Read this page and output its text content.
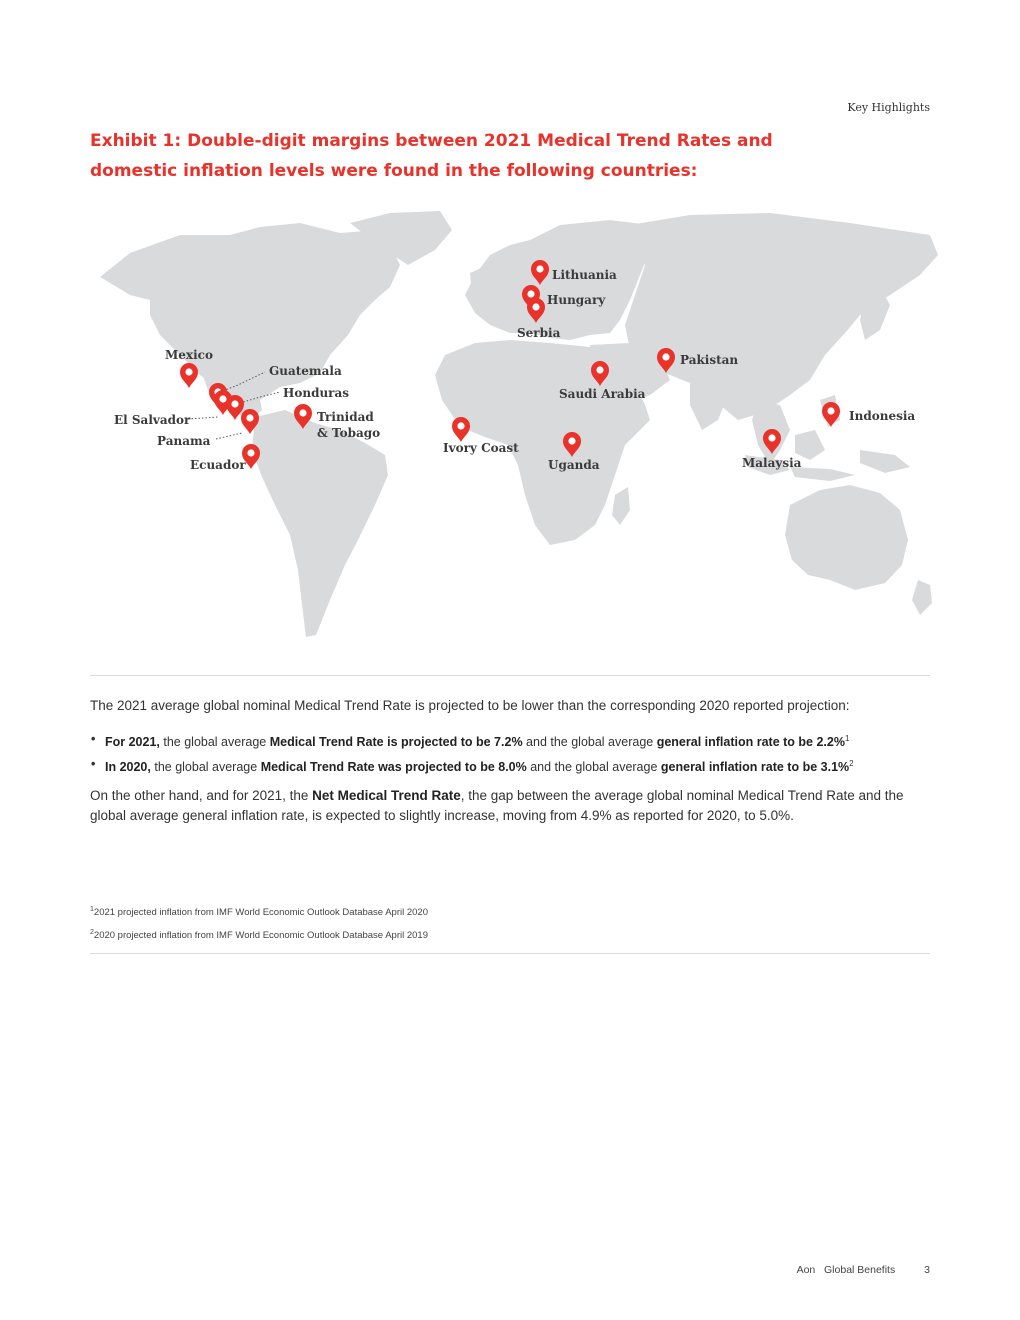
Key Highlights
Exhibit 1: Double-digit margins between 2021 Medical Trend Rates and
domestic inflation levels were found in the following countries:
Mexico
Guatemala
Honduras
El Salvador
Panama
Ecuador
Trinidad
& Tobago
Lithuania
Hungary
Serbia
Saudi Arabia
Pakistan
Ivory Coast
Uganda	Malaysia
Indonesia

The 2021 average global nominal Medical Trend Rate is projected to be lower than the corresponding 2020 reported projection:

• For 2021, the global average Medical Trend Rate is projected to be 7.2% and the global average general inflation rate to be 2.2%$^1$
• In 2020, the global average Medical Trend Rate was projected to be 8.0% and the global average general inflation rate to be 3.1%$^2$

On the other hand, and for 2021, the Net Medical Trend Rate, the gap between the average global nominal Medical Trend Rate and the global average general inflation rate, is expected to slightly increase, moving from 4.9% as reported for 2020, to 5.0%.

$^1$2021 projected inflation from IMF World Economic Outlook Database April 2020
$^2$2020 projected inflation from IMF World Economic Outlook Database April 2019
Aon Global Benefits	3
